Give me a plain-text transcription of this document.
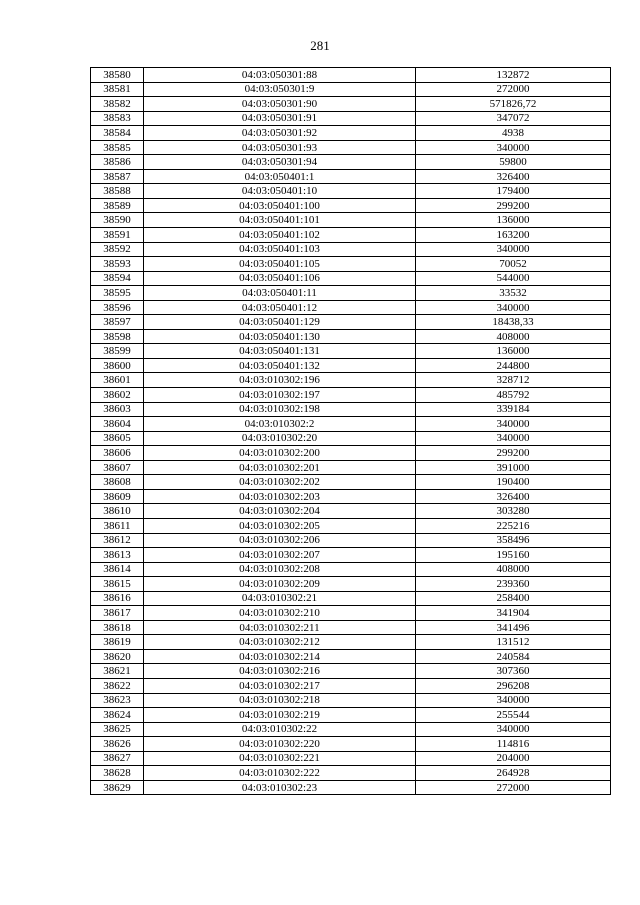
281
38580	04:03:050301:88	132872
38581	04:03:050301:9	272000
38582	04:03:050301:90	571826,72
38583	04:03:050301:91	347072
38584	04:03:050301:92	4938
38585	04:03:050301:93	340000
38586	04:03:050301:94	59800
38587	04:03:050401:1	326400
38588	04:03:050401:10	179400
38589	04:03:050401:100	299200
38590	04:03:050401:101	136000
38591	04:03:050401:102	163200
38592	04:03:050401:103	340000
38593	04:03:050401:105	70052
38594	04:03:050401:106	544000
38595	04:03:050401:11	33532
38596	04:03:050401:12	340000
38597	04:03:050401:129	18438,33
38598	04:03:050401:130	408000
38599	04:03:050401:131	136000
38600	04:03:050401:132	244800
38601	04:03:010302:196	328712
38602	04:03:010302:197	485792
38603	04:03:010302:198	339184
38604	04:03:010302:2	340000
38605	04:03:010302:20	340000
38606	04:03:010302:200	299200
38607	04:03:010302:201	391000
38608	04:03:010302:202	190400
38609	04:03:010302:203	326400
38610	04:03:010302:204	303280
38611	04:03:010302:205	225216
38612	04:03:010302:206	358496
38613	04:03:010302:207	195160
38614	04:03:010302:208	408000
38615	04:03:010302:209	239360
38616	04:03:010302:21	258400
38617	04:03:010302:210	341904
38618	04:03:010302:211	341496
38619	04:03:010302:212	131512
38620	04:03:010302:214	240584
38621	04:03:010302:216	307360
38622	04:03:010302:217	296208
38623	04:03:010302:218	340000
38624	04:03:010302:219	255544
38625	04:03:010302:22	340000
38626	04:03:010302:220	114816
38627	04:03:010302:221	204000
38628	04:03:010302:222	264928
38629	04:03:010302:23	272000
